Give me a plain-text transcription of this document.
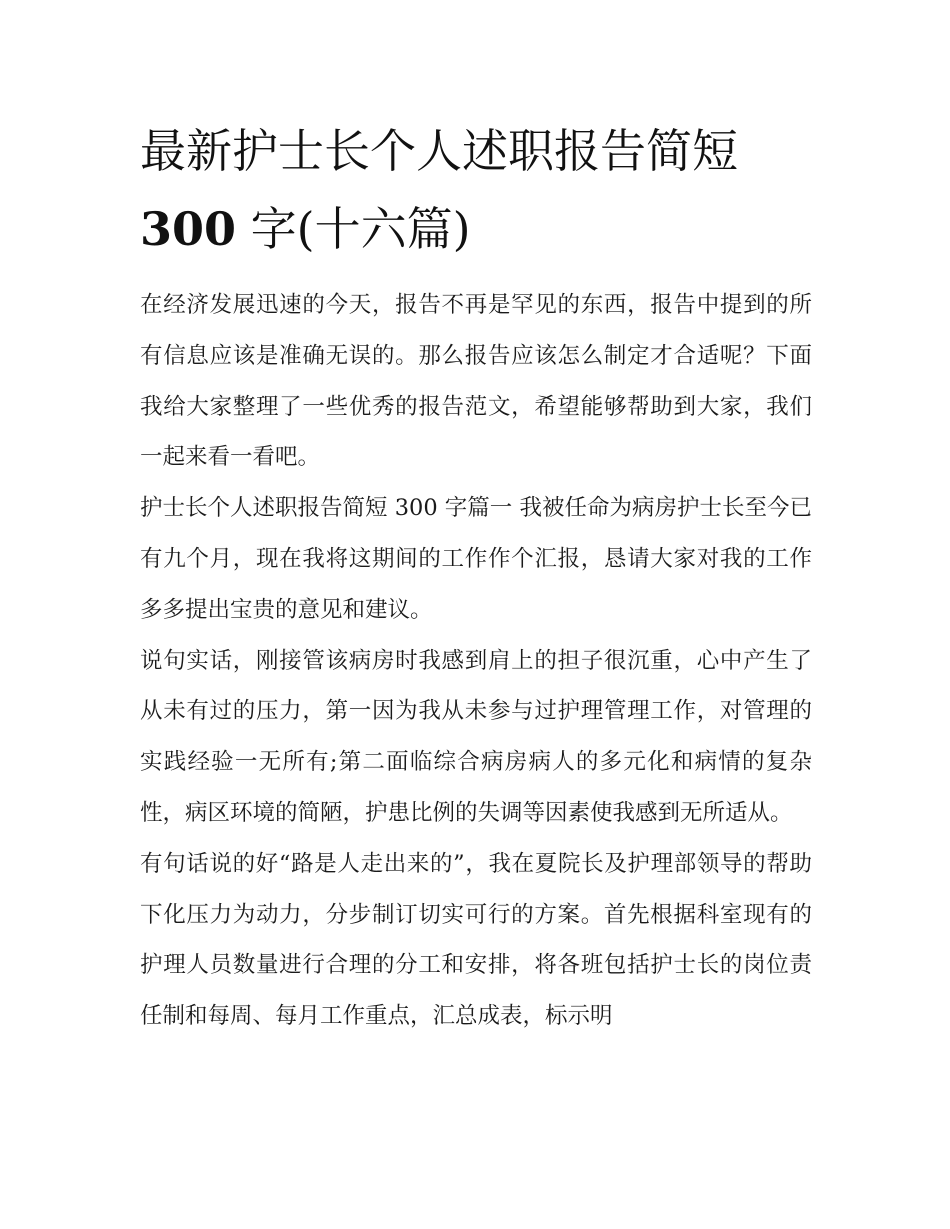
最新护士长个人述职报告简短
300 字(十六篇)

在经济发展迅速的今天，报告不再是罕见的东西，报告中提到的所有信息应该是准确无误的。那么报告应该怎么制定才合适呢？下面我给大家整理了一些优秀的报告范文，希望能够帮助到大家，我们一起来看一看吧。

护士长个人述职报告简短 300 字篇一 我被任命为病房护士长至今已有九个月，现在我将这期间的工作作个汇报，恳请大家对我的工作多多提出宝贵的意见和建议。

说句实话，刚接管该病房时我感到肩上的担子很沉重，心中产生了从未有过的压力，第一因为我从未参与过护理管理工作，对管理的实践经验一无所有;第二面临综合病房病人的多元化和病情的复杂性，病区环境的简陋，护患比例的失调等因素使我感到无所适从。

有句话说的好“路是人走出来的”，我在夏院长及护理部领导的帮助下化压力为动力，分步制订切实可行的方案。首先根据科室现有的护理人员数量进行合理的分工和安排，将各班包括护士长的岗位责任制和每周、每月工作重点，汇总成表，标示明
